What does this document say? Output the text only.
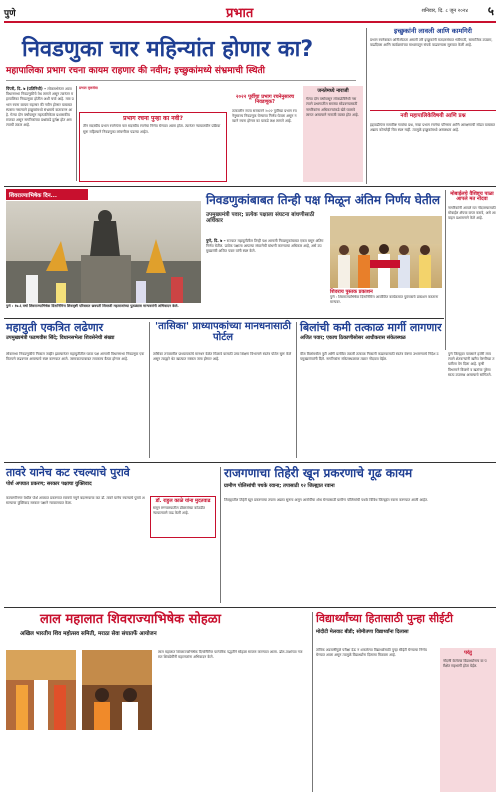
पुणे	प्रभात	शनिवार, दि. ८ जून २०२४ ५
निवडणुका चार महिन्यांत होणार का?
महापालिका प्रभाग रचना कायम राहणार की नवीन; इच्छुकांमध्ये संभ्रमाची स्थिती
पिंपरी, दि. ७ (प्रतिनिधी) – लोकसभेनंतर आता विधानसभा निवडणुकीचे वेध लागले असून त्यानंतर महापालिका निवडणुका होतील अशी चर्चा आहे. मात्र प्रभाग रचना कायम राहणार की नवीन होणार याबाबत स्पष्टता नसल्याने इच्छुकांमध्ये संभ्रमाचे वातावरण आहे. गेल्या दोन वर्षांपासून महापालिकेवर प्रशासकीय राजवट असून नागरिकांच्या प्रश्नांकडे दुर्लक्ष होत असल्याची तक्रार आहे.
प्रभात वृत्तसेवा
प्रभाग रचना पुन्हा का नवी?
तीन सदस्यीय प्रभाग रचनेनंतर चार सदस्यीय रचनेचा निर्णय घेण्यात आला होता. त्यानंतर न्यायालयीन प्रक्रिया सुरू राहिल्याने निवडणुका लांबणीवर पडल्या आहेत.
२०२२ पूर्वीचा प्रभाग रचनेनुसारच निवडणूक?
तत्कालीन राज्य सरकारने २०२२ पूर्वीच्या प्रभाग रचनेनुसारच निवडणूक घेण्याचा निर्णय घेतला असून नव्याने रचना होणार का याकडे लक्ष लागले आहे.
जनतेमध्ये नाराजी
गेल्या दोन वर्षांपासून लोकप्रतिनिधी नसल्याने प्रभागातील समस्या सोडवण्यासाठी नागरिकांना अधिकाऱ्यांकडे खेटे घालावे लागत असल्याने नाराजी व्यक्त होत आहे.
इच्छुकांनी लावली आणि कामगिरी
प्रभाग रचनेबाबत अनिश्चितता असली तरी इच्छुकांनी मतदारसंघात भेटीगाठी, सामाजिक उपक्रम, वाढदिवस आणि कार्यक्रमांच्या माध्यमातून संपर्क वाढवण्यास सुरुवात केली आहे.
नवी महापालिकेविषयी आणि प्रश्न
हद्दवाढीनंतर समाविष्ट गावांचा प्रश्न, नव्या प्रभाग रचनेचा परिणाम आणि आरक्षणाची सोडत याबाबत अद्याप कोणतेही चित्र स्पष्ट नाही. त्यामुळे इच्छुकांमध्ये अस्वस्थता आहे.
शिवराज्याभिषेक दिन...
पुणे : १७.६ वर्षा शिवराज्याभिषेक दिनानिमित्त शिवसृष्टी परिसरात छत्रपती शिवाजी महाराजांच्या पुतळ्यास मान्यवरांनी अभिवादन केले.
निवडणुकांबाबत तिन्ही पक्ष मिळून अंतिम निर्णय घेतील
उपमुख्यमंत्री पवार; प्रत्येक पक्षाला संघटना बांधणीसाठी अधिकार
पुणे, दि. ७ – राज्यात महायुतीतील तिन्ही पक्ष आगामी निवडणुकांबाबत एकत्र बसून अंतिम निर्णय घेतील. प्रत्येक पक्षाला आपल्या संघटनेची बांधणी करण्याचा अधिकार आहे, असे उपमुख्यमंत्री अजित पवार यांनी स्पष्ट केले.
शिवराय पुस्तक प्रकाशन
पुणे : शिवराज्याभिषेक दिनानिमित्त आयोजित कार्यक्रमात पुस्तकाचे प्रकाशन करताना मान्यवर.
मोबाईलचे वैशिष्ट्य पाळा आपले मत नोंदवा
नागरिकांनी आपले मत नोंदवण्यासाठी मोबाईल ॲपचा वापर करावे, असे आवाहन प्रशासनाने केले आहे.
महायुती एकत्रित लढेणार
उपमुख्यमंत्री फडणवीस सिंदे; विधानसभेला शिवसेनेची संख्या
लोकसभा निवडणुकीचे निकाल जाहीर झाल्यानंतर महायुतीतील घटक पक्ष आगामी विधानसभा निवडणूक एकत्रितपणे लढवणार असल्याचे स्पष्ट करण्यात आले. जागावाटपाबाबत लवकरच बैठक होणार आहे.
'तासिका' प्राध्यापकांच्या मानधनासाठी पोर्टल
तासिका तत्त्वावरील प्राध्यापकांचे मानधन वेळेत मिळावे यासाठी उच्च शिक्षण विभागाने स्वतंत्र पोर्टल सुरू केले असून त्याद्वारे थेट खात्यात रक्कम जमा होणार आहे.
बिलांची कमी तत्काळ मार्गी लागणार
अजित पवार; एकाच ठिकाणीसोसर आधीकरास संकेतस्थळ
वीज बिलांमधील त्रुटी आणि प्रलंबित तक्रारी तत्काळ निकाली काढण्यासाठी स्वतंत्र यंत्रणा उभारण्याचे निर्देश उपमुख्यमंत्र्यांनी दिले. नागरिकांना संकेतस्थळावर तक्रार नोंदवता येईल.
पुणे जिल्ह्यात पावसाने हजेरी लावल्याने शेतकऱ्यांनी खरीप पेरणीच्या तयारीला वेग दिला आहे. कृषी विभागाने बियाणे व खतांचा पुरेसा साठा उपलब्ध असल्याचे सांगितले.
तावरे यानेच कट रचल्याचे पुरावे
पोर्श अपघात प्रकरण; सरकार पक्षाचा युक्तिवाद
कल्याणीनगर येथील पोर्श अपघात प्रकरणात रक्ताचे नमुने बदलण्याचा कट डॉ. तावरे यानेच रचल्याचे पुरावे असल्याचा युक्तिवाद सरकार पक्षाने न्यायालयात केला.	डॉ. राहुल काळे यांना मुदतवाढ
ससून रुग्णालयातील डॉक्टरांच्या कोठडीत न्यायालयाने वाढ केली आहे.
राजगणाचा तिहेरी खून प्रकरणाचे गूढ कायम
ग्रामीण पोलिसांची पथके रवाना; तपासाठी १२ जिल्ह्यात रवाना
जिल्ह्यातील तिहेरी खून प्रकरणाचा तपास अद्याप सुरूच असून आरोपींचा शोध घेण्यासाठी ग्रामीण पोलिसांची पथके विविध जिल्ह्यांत रवाना करण्यात आली आहेत.
लाल महालात शिवराज्याभिषेक सोहळा
अखिल भारतीय शिव महोत्सव समिती, मराठा सेवा संघातर्फे आयोजन
लाल महालात शिवराज्याभिषेक दिनानिमित्त पारंपरिक पद्धतीने सोहळा साजरा करण्यात आला. ढोल-ताशांच्या गजरात शिवप्रेमींनी महाराजांना अभिवादन केले.
विद्यार्थ्यांच्या हितासाठी पुन्हा सीईटी
मोदीटी मेलवाट बीडी; सोमीतणा विद्यार्थ्यांना दिलासा
तांत्रिक अडचणींमुळे परीक्षा देऊ न शकलेल्या विद्यार्थ्यांसाठी पुन्हा सीईटी घेण्याचा निर्णय घेण्यात आला असून त्यामुळे विद्यार्थ्यांना दिलासा मिळाला आहे.	परंतु
नोंदणी केलेल्या विद्यार्थ्यांनाच या परीक्षेत सहभागी होता येईल.
